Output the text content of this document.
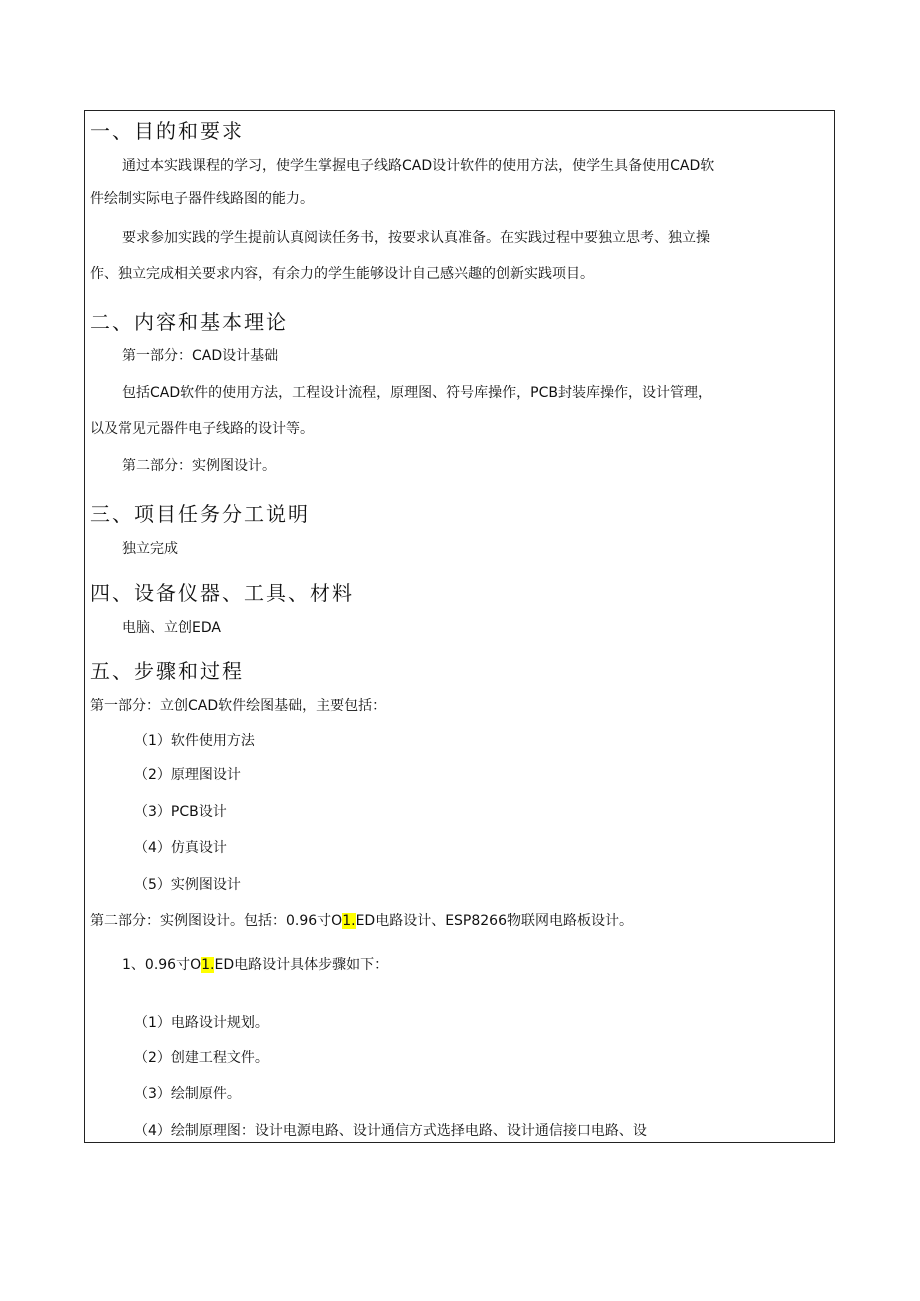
一、目的和要求
通过本实践课程的学习，使学生掌握电子线路CAD设计软件的使用方法，使学生具备使用CAD软
件绘制实际电子器件线路图的能力。
要求参加实践的学生提前认真阅读任务书，按要求认真准备。在实践过程中要独立思考、独立操
作、独立完成相关要求内容，有余力的学生能够设计自己感兴趣的创新实践项目。
二、内容和基本理论
第一部分：CAD设计基础
包括CAD软件的使用方法，工程设计流程，原理图、符号库操作，PCB封装库操作，设计管理，
以及常见元器件电子线路的设计等。
第二部分：实例图设计。
三、项目任务分工说明
独立完成
四、设备仪器、工具、材料
电脑、立创EDA
五、步骤和过程
第一部分：立创CAD软件绘图基础，主要包括：
（1）软件使用方法
（2）原理图设计
（3）PCB设计
（4）仿真设计
（5）实例图设计
第二部分：实例图设计。包括：0.96寸O1.ED电路设计、ESP8266物联网电路板设计。
1、0.96寸O1.ED电路设计具体步骤如下：
（1）电路设计规划。
（2）创建工程文件。
（3）绘制原件。
（4）绘制原理图：设计电源电路、设计通信方式选择电路、设计通信接口电路、设
